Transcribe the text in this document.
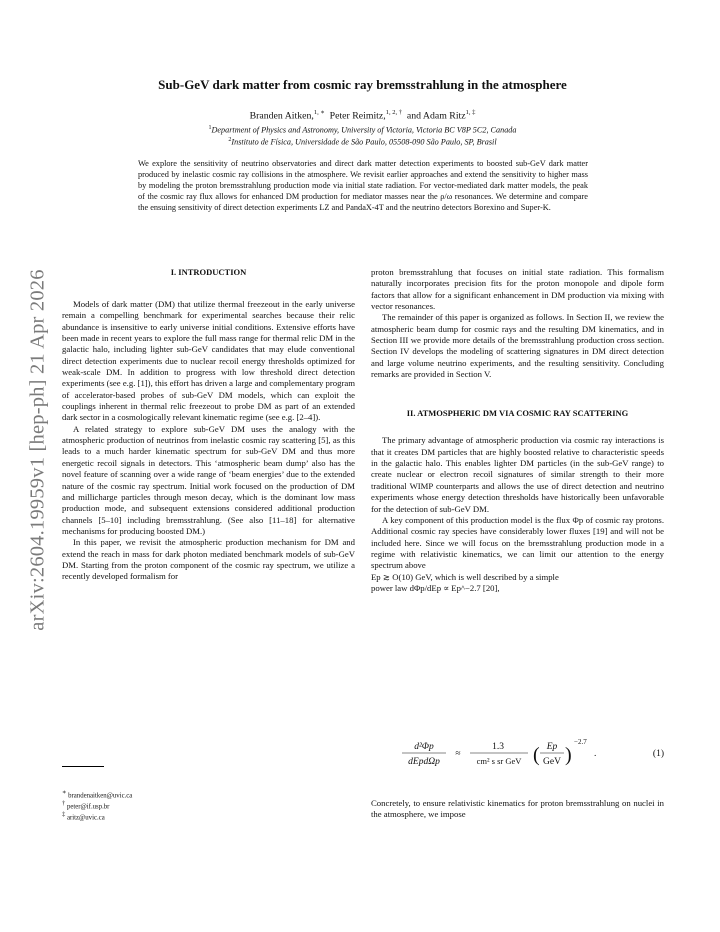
arXiv:2604.19959v1 [hep-ph] 21 Apr 2026
Sub-GeV dark matter from cosmic ray bremsstrahlung in the atmosphere
Branden Aitken,$^{1, ∗}$ Peter Reimitz,$^{1, 2, \dagger}$ and Adam Ritz$^{1, \ddagger}$
$^1$Department of Physics and Astronomy, University of Victoria, Victoria BC V8P 5C2, Canada
$^2$Instituto de Física, Universidade de São Paulo, 05508-090 São Paulo, SP, Brasil
We explore the sensitivity of neutrino observatories and direct dark matter detection experiments to boosted sub-GeV dark matter produced by inelastic cosmic ray collisions in the atmosphere. We revisit earlier approaches and extend the sensitivity to higher mass by modeling the proton bremsstrahlung production mode via initial state radiation. For vector-mediated dark matter models, the peak of the cosmic ray flux allows for enhanced DM production for mediator masses near the ρ/ω resonances. We determine and compare the ensuing sensitivity of direct detection experiments LZ and PandaX-4T and the neutrino detectors Borexino and Super-K.
I. INTRODUCTION

Models of dark matter (DM) that utilize thermal freezeout in the early universe remain a compelling benchmark for experimental searches because their relic abundance is insensitive to early universe initial conditions. Extensive efforts have been made in recent years to explore the full mass range for thermal relic DM in the galactic halo, including lighter sub-GeV candidates that may elude conventional direct detection experiments due to nuclear recoil energy thresholds optimized for weak-scale DM. In addition to progress with low threshold direct detection experiments (see e.g. [1]), this effort has driven a large and complementary program of accelerator-based probes of sub-GeV DM models, which can exploit the couplings inherent in thermal relic freezeout to probe DM as part of an extended dark sector in a cosmologically relevant kinematic regime (see e.g. [2–4]).

A related strategy to explore sub-GeV DM uses the analogy with the atmospheric production of neutrinos from inelastic cosmic ray scattering [5], as this leads to a much harder kinematic spectrum for sub-GeV DM and thus more energetic recoil signals in detectors. This ‘atmospheric beam dump’ also has the novel feature of scanning over a wide range of ‘beam energies’ due to the extended nature of the cosmic ray spectrum. Initial work focused on the production of DM and millicharge particles through meson decay, which is the dominant low mass production mode, and subsequent extensions considered additional production channels [5–10] including bremsstrahlung. (See also [11–18] for alternative mechanisms for producing boosted DM.)

In this paper, we revisit the atmospheric production mechanism for DM and extend the reach in mass for dark photon mediated benchmark models of sub-GeV DM. Starting from the proton component of the cosmic ray spectrum, we utilize a recently developed formalism for

proton bremsstrahlung that focuses on initial state radiation. This formalism naturally incorporates precision fits for the proton monopole and dipole form factors that allow for a significant enhancement in DM production via mixing with vector resonances.

The remainder of this paper is organized as follows. In Section II, we review the atmospheric beam dump for cosmic rays and the resulting DM kinematics, and in Section III we provide more details of the bremsstrahlung production cross section. Section IV develops the modeling of scattering signatures in DM direct detection and large volume neutrino experiments, and the resulting sensitivity. Concluding remarks are provided in Section V.

II. ATMOSPHERIC DM VIA COSMIC RAY SCATTERING

The primary advantage of atmospheric production via cosmic ray interactions is that it creates DM particles that are highly boosted relative to characteristic speeds in the galactic halo. This enables lighter DM particles (in the sub-GeV range) to create nuclear or electron recoil signatures of similar strength to their more traditional WIMP counterparts and allows the use of direct detection and neutrino experiments whose energy detection thresholds have historically been unfavorable for the detection of sub-GeV DM.

A key component of this production model is the flux Φp of cosmic ray protons. Additional cosmic ray species have considerably lower fluxes [19] and will not be included here. Since we will focus on the bremsstrahlung production mode in a regime with relativistic kinematics, we can limit our attention to the energy spectrum above

Ep ≳ O(10) GeV, which is well described by a simple

power law dΦp/dEp ∝ Ep^−2.7 [20],

d²Φp
dEpdΩp
≈
1.3
cm² s sr GeV ( Ep
GeV )
−2.7
.	(1)

Concretely, to ensure relativistic kinematics for proton bremsstrahlung on nuclei in the atmosphere, we impose

∗ brandenaitken@uvic.ca
† peter@if.usp.br
‡ aritz@uvic.ca
